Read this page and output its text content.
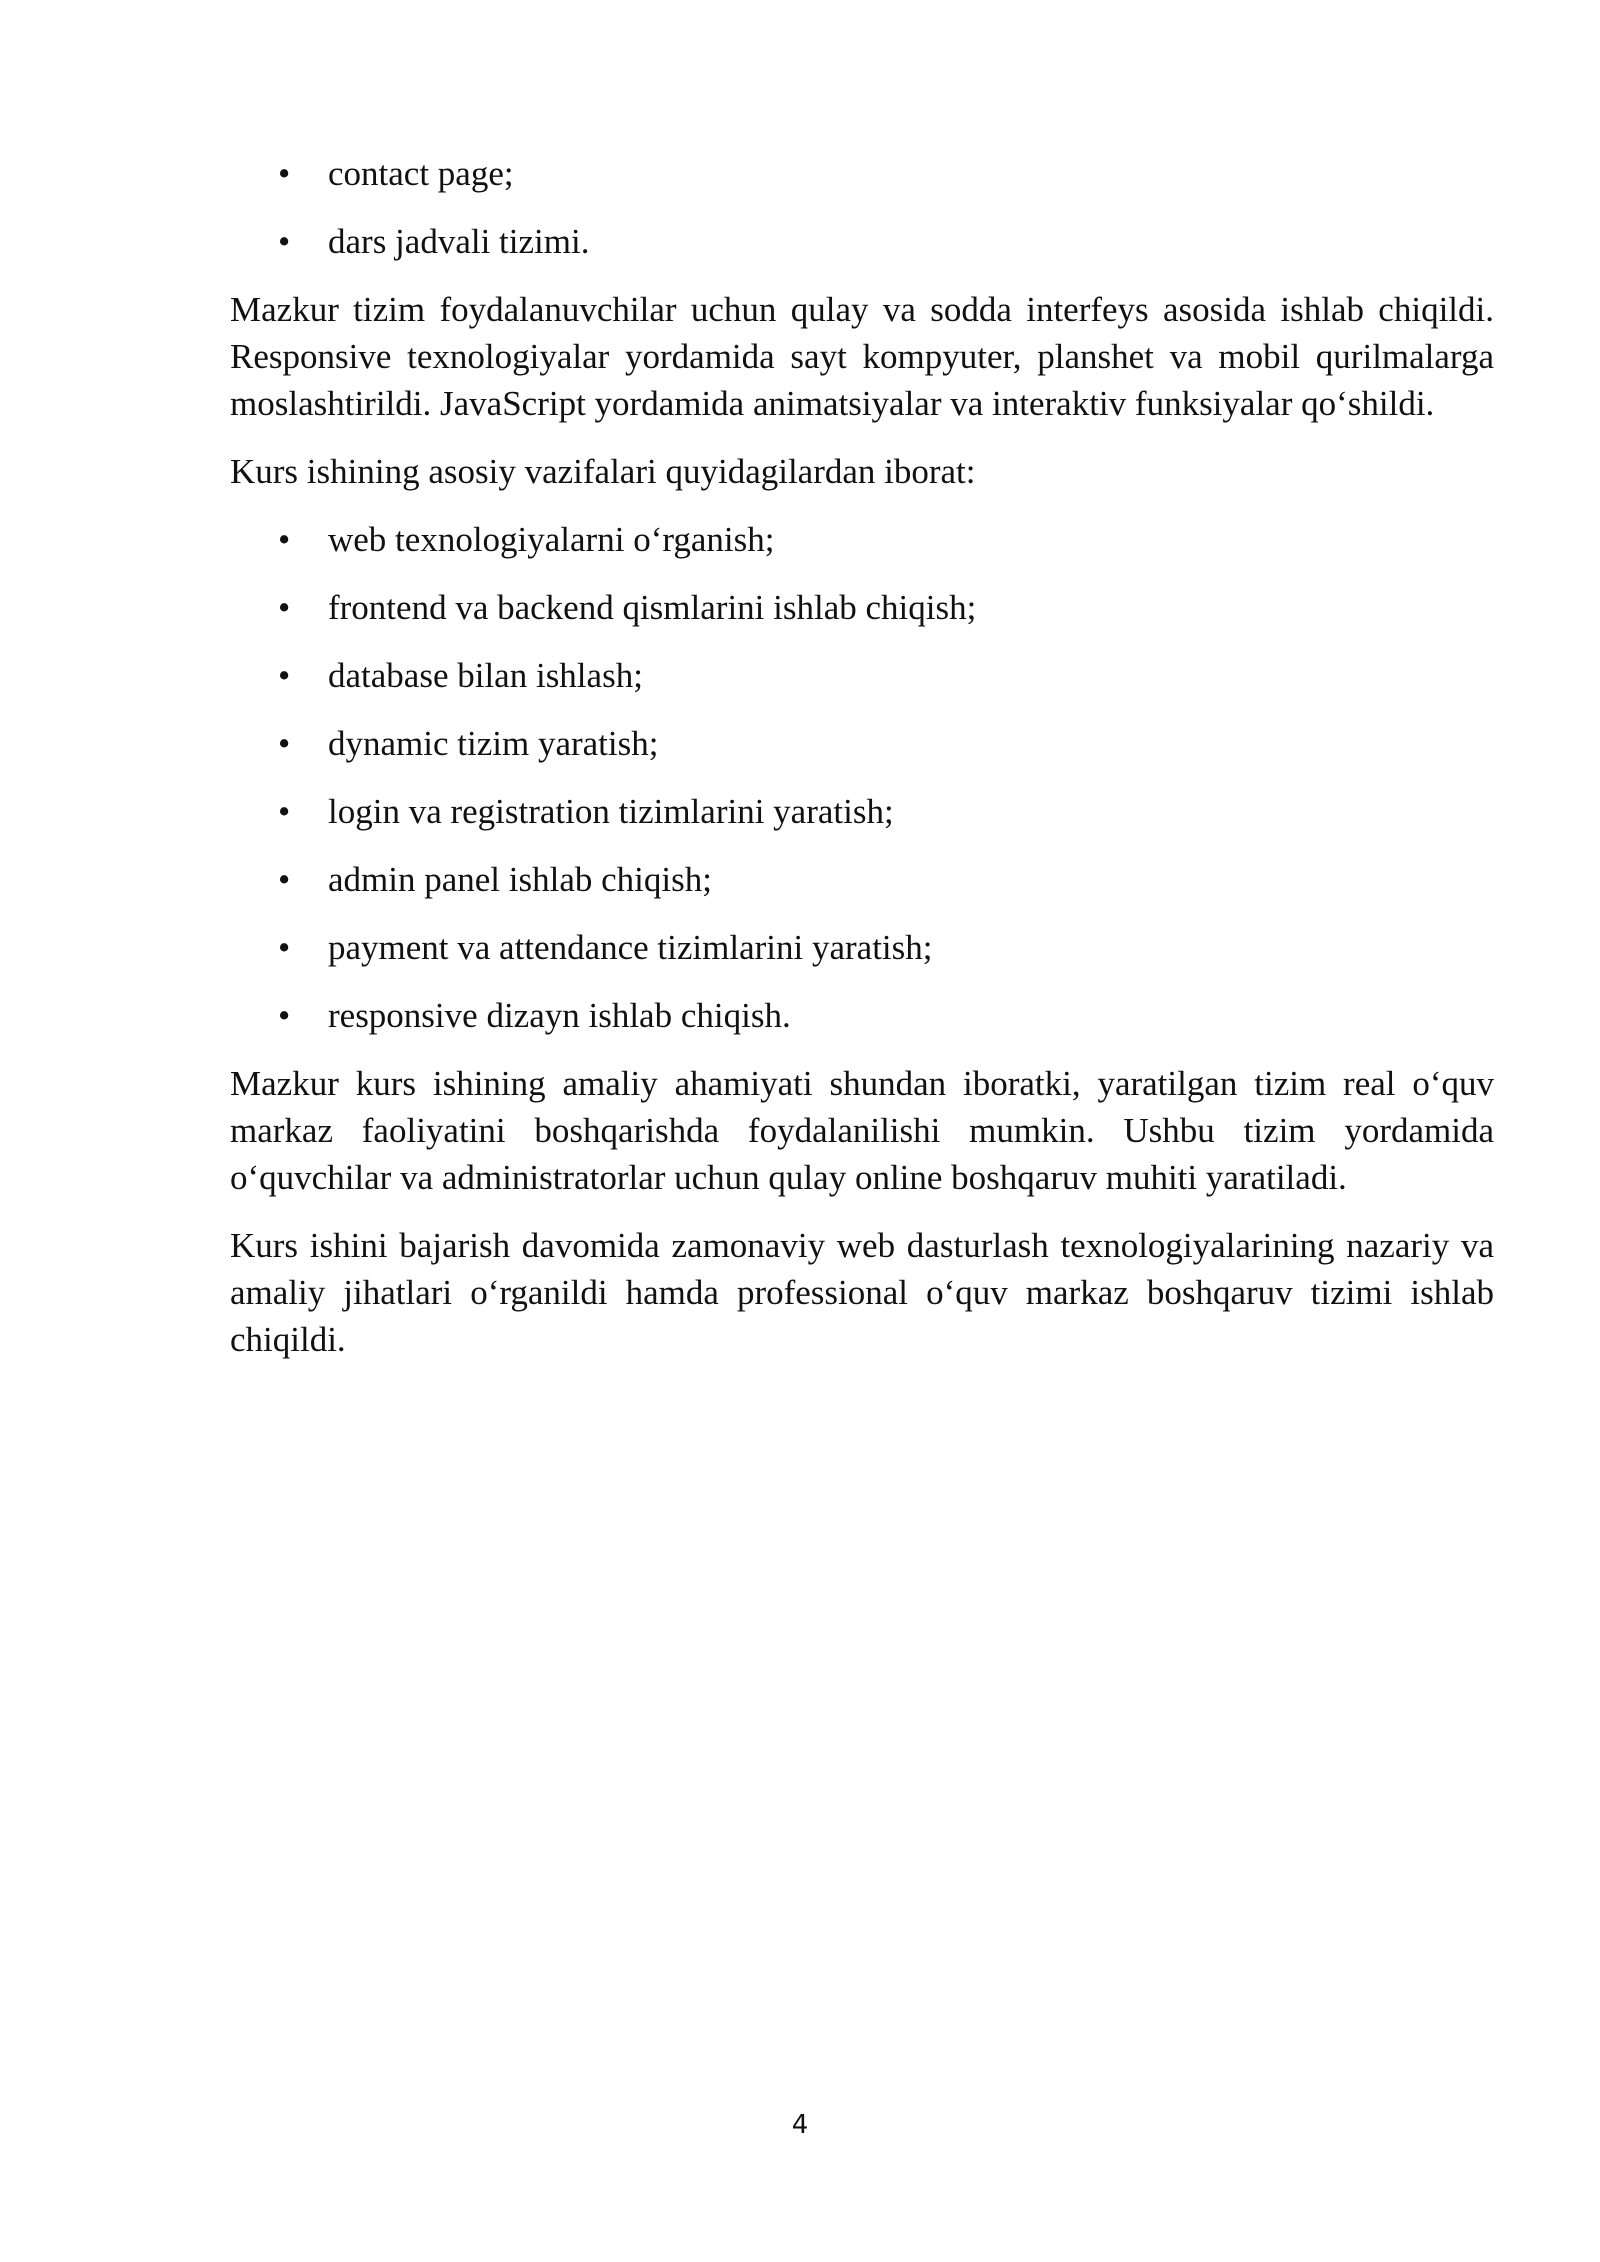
• contact page;
• dars jadvali tizimi.

Mazkur tizim foydalanuvchilar uchun qulay va sodda interfeys asosida ishlab chiqildi. Responsive texnologiyalar yordamida sayt kompyuter, planshet va mobil qurilmalarga moslashtirildi. JavaScript yordamida animatsiyalar va interaktiv funksiyalar qo‘shildi.

Kurs ishining asosiy vazifalari quyidagilardan iborat:

• web texnologiyalarni o‘rganish;
• frontend va backend qismlarini ishlab chiqish;
• database bilan ishlash;
• dynamic tizim yaratish;
• login va registration tizimlarini yaratish;
• admin panel ishlab chiqish;
• payment va attendance tizimlarini yaratish;
• responsive dizayn ishlab chiqish.

Mazkur kurs ishining amaliy ahamiyati shundan iboratki, yaratilgan tizim real o‘quv markaz faoliyatini boshqarishda foydalanilishi mumkin. Ushbu tizim yordamida o‘quvchilar va administratorlar uchun qulay online boshqaruv muhiti yaratiladi.

Kurs ishini bajarish davomida zamonaviy web dasturlash texnologiyalarining nazariy va amaliy jihatlari o‘rganildi hamda professional o‘quv markaz boshqaruv tizimi ishlab chiqildi.

4
